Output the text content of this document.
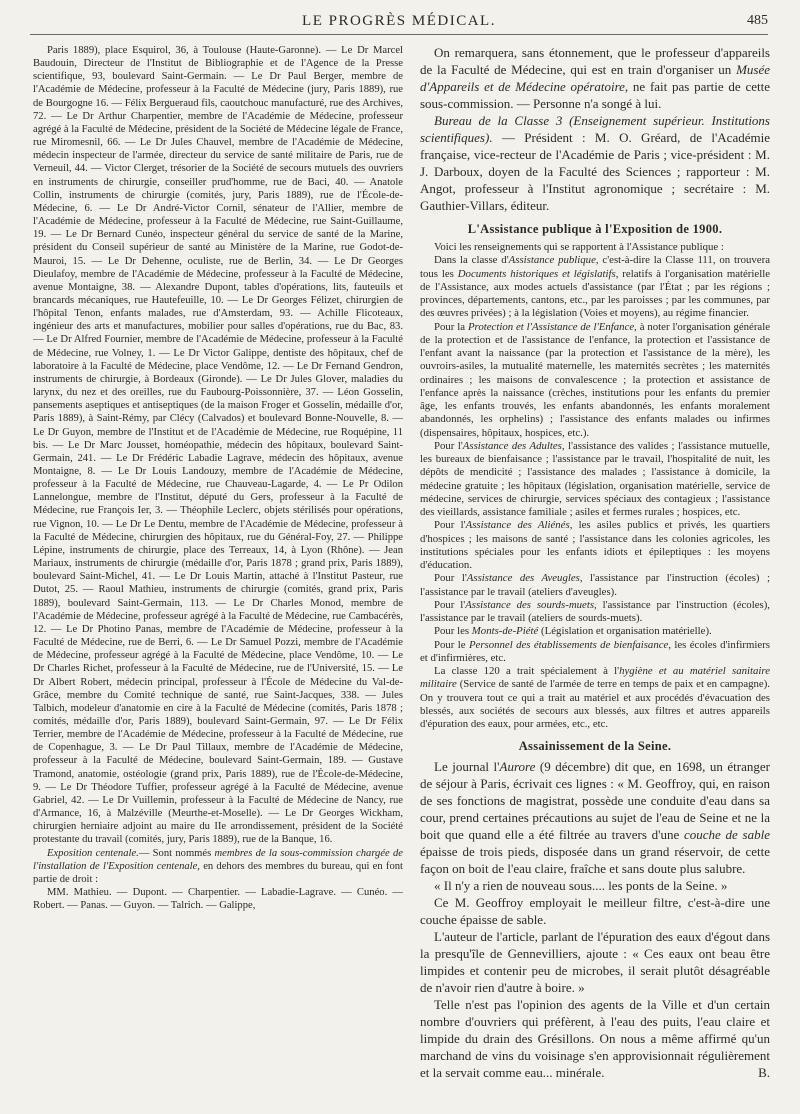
LE PROGRÈS MÉDICAL.	485

Paris 1889), place Esquirol, 36, à Toulouse (Haute-Garonne). — Le Dr Marcel Baudouin, Directeur de l'Institut de Bibliographie et de l'Agence de la Presse scientifique, 93, boulevard Saint-Germain. — Le Dr Paul Berger, membre de l'Académie de Médecine, professeur à la Faculté de Médecine (jury, Paris 1889), rue de Bourgogne 16. — Félix Bergueraud fils, caoutchouc manufacturé, rue des Archives, 72. — Le Dr Arthur Charpentier, membre de l'Académie de Médecine, professeur agrégé à la Faculté de Médecine, président de la Société de Médecine légale de France, rue Miromesnil, 66. — Le Dr Jules Chauvel, membre de l'Académie de Médecine, médecin inspecteur de l'armée, directeur du service de santé militaire de Paris, rue de Verneuil, 44. — Victor Clerget, trésorier de la Société de secours mutuels des ouvriers en instruments de chirurgie, conseiller prud'homme, rue de Baci, 40. — Anatole Collin, instruments de chirurgie (comités, jury, Paris 1889), rue de l'École-de-Médecine, 6. — Le Dr André-Victor Cornil, sénateur de l'Allier, membre de l'Académie de Médecine, professeur à la Faculté de Médecine, rue Saint-Guillaume, 19. — Le Dr Bernard Cunéo, inspecteur général du service de santé de la Marine, président du Conseil supérieur de santé au Ministère de la Marine, rue Godot-de-Mauroi, 15. — Le Dr Dehenne, oculiste, rue de Berlin, 34. — Le Dr Georges Dieulafoy, membre de l'Académie de Médecine, professeur à la Faculté de Médecine, avenue Montaigne, 38. — Alexandre Dupont, tables d'opérations, lits, fauteuils et brancards mécaniques, rue Hautefeuille, 10. — Le Dr Georges Félizet, chirurgien de l'hôpital Tenon, enfants malades, rue d'Amsterdam, 93. — Achille Flicoteaux, ingénieur des arts et manufactures, mobilier pour salles d'opérations, rue du Bac, 83. — Le Dr Alfred Fournier, membre de l'Académie de Médecine, professeur à la Faculté de Médecine, rue Volney, 1. — Le Dr Victor Galippe, dentiste des hôpitaux, chef de laboratoire à la Faculté de Médecine, place Vendôme, 12. — Le Dr Fernand Gendron, instruments de chirurgie, à Bordeaux (Gironde). — Le Dr Jules Glover, maladies du larynx, du nez et des oreilles, rue du Faubourg-Poissonnière, 37. — Léon Gosselin, pansements aseptiques et antiseptiques (de la maison Froger et Gosselin, médaille d'or, Paris 1889), à Saint-Rémy, par Clécy (Calvados) et boulevard Bonne-Nouvelle, 8. — Le Dr Guyon, membre de l'Institut et de l'Académie de Médecine, rue Roquépine, 11 bis. — Le Dr Marc Jousset, homéopathie, médecin des hôpitaux, boulevard Saint-Germain, 241. — Le Dr Frédéric Labadie Lagrave, médecin des hôpitaux, avenue Montaigne, 8. — Le Dr Louis Landouzy, membre de l'Académie de Médecine, professeur à la Faculté de Médecine, rue Chauveau-Lagarde, 4. — Le Pr Odilon Lannelongue, membre de l'Institut, député du Gers, professeur à la Faculté de Médecine, rue François Ier, 3. — Théophile Leclerc, objets stérilisés pour opérations, rue Vignon, 10. — Le Dr Le Dentu, membre de l'Académie de Médecine, professeur à la Faculté de Médecine, chirurgien des hôpitaux, rue du Général-Foy, 27. — Philippe Lépine, instruments de chirurgie, place des Terreaux, 14, à Lyon (Rhône). — Jean Mariaux, instruments de chirurgie (médaille d'or, Paris 1878 ; grand prix, Paris 1889), boulevard Saint-Michel, 41. — Le Dr Louis Martin, attaché à l'Institut Pasteur, rue Dutot, 25. — Raoul Mathieu, instruments de chirurgie (comités, grand prix, Paris 1889), boulevard Saint-Germain, 113. — Le Dr Charles Monod, membre de l'Académie de Médecine, professeur agrégé à la Faculté de Médecine, rue Cambacérès, 12. — Le Dr Photino Panas, membre de l'Académie de Médecine, professeur à la Faculté de Médecine, rue de Berri, 6. — Le Dr Samuel Pozzi, membre de l'Académie de Médecine, professeur agrégé à la Faculté de Médecine, place Vendôme, 10. — Le Dr Charles Richet, professeur à la Faculté de Médecine, rue de l'Université, 15. — Le Dr Albert Robert, médecin principal, professeur à l'École de Médecine du Val-de-Grâce, membre du Comité technique de santé, rue Saint-Jacques, 338. — Jules Talbich, modeleur d'anatomie en cire à la Faculté de Médecine (comités, Paris 1878 ; comités, médaille d'or, Paris 1889), boulevard Saint-Germain, 97. — Le Dr Félix Terrier, membre de l'Académie de Médecine, professeur à la Faculté de Médecine, rue de Copenhague, 3. — Le Dr Paul Tillaux, membre de l'Académie de Médecine, professeur à la Faculté de Médecine, boulevard Saint-Germain, 189. — Gustave Tramond, anatomie, ostéologie (grand prix, Paris 1889), rue de l'École-de-Médecine, 9. — Le Dr Théodore Tuffier, professeur agrégé à la Faculté de Médecine, avenue Gabriel, 42. — Le Dr Vuillemin, professeur à la Faculté de Médecine de Nancy, rue d'Armance, 16, à Malzéville (Meurthe-et-Moselle). — Le Dr Georges Wickham, chirurgien herniaire adjoint au maire du IIe arrondissement, président de la Société protestante du travail (comités, jury, Paris 1889), rue de la Banque, 16.

Exposition centenale.— Sont nommés membres de la sous-commission chargée de l'installation de l'Exposition centenale, en dehors des membres du bureau, qui en font partie de droit :

MM. Mathieu. — Dupont. — Charpentier. — Labadie-Lagrave. — Cunéo. — Robert. — Panas. — Guyon. — Talrich. — Galippe,

On remarquera, sans étonnement, que le professeur d'appareils de la Faculté de Médecine, qui est en train d'organiser un Musée d'Appareils et de Médecine opératoire, ne fait pas partie de cette sous-commission. — Personne n'a songé à lui.

Bureau de la Classe 3 (Enseignement supérieur. Institutions scientifiques). — Président : M. O. Gréard, de l'Académie française, vice-recteur de l'Académie de Paris ; vice-président : M. J. Darboux, doyen de la Faculté des Sciences ; rapporteur : M. Angot, professeur à l'Institut agronomique ; secrétaire : M. Gauthier-Villars, éditeur.

L'Assistance publique à l'Exposition de 1900.

Voici les renseignements qui se rapportent à l'Assistance publique :

Dans la classe d'Assistance publique, c'est-à-dire la Classe 111, on trouvera tous les Documents historiques et législatifs, relatifs à l'organisation matérielle de l'Assistance, aux modes actuels d'assistance (par l'État ; par les régions ; provinces, départements, cantons, etc., par les paroisses ; par les communes, par des œuvres privées) ; à la législation (Voies et moyens), au régime financier.

Pour la Protection et l'Assistance de l'Enfance, à noter l'organisation générale de la protection et de l'assistance de l'enfance, la protection et l'assistance de l'enfant avant la naissance (par la protection et l'assistance de la mère), les ouvroirs-asiles, la mutualité maternelle, les maternités secrètes ; les maternités ordinaires ; les maisons de convalescence ; la protection et assistance de l'enfance après la naissance (crèches, institutions pour les enfants du premier âge, les enfants trouvés, les enfants abandonnés, les enfants moralement abandonnés, les orphelins) ; l'assistance des enfants malades ou infirmes (dispensaires, hôpitaux, hospices, etc.).

Pour l'Assistance des Adultes, l'assistance des valides ; l'assistance mutuelle, les bureaux de bienfaisance ; l'assistance par le travail, l'hospitalité de nuit, les dépôts de mendicité ; l'assistance des malades ; l'assistance à domicile, la médecine gratuite ; les hôpitaux (législation, organisation matérielle, service de médecine, services de chirurgie, services spéciaux des contagieux ; l'assistance des vieillards, assistance familiale ; asiles et fermes rurales ; hospices, etc.

Pour l'Assistance des Aliénés, les asiles publics et privés, les quartiers d'hospices ; les maisons de santé ; l'assistance dans les colonies agricoles, les institutions spéciales pour les enfants idiots et épileptiques : les moyens d'éducation.

Pour l'Assistance des Aveugles, l'assistance par l'instruction (écoles) ; l'assistance par le travail (ateliers d'aveugles).

Pour l'Assistance des sourds-muets, l'assistance par l'instruction (écoles), l'assistance par le travail (ateliers de sourds-muets).

Pour les Monts-de-Piété (Législation et organisation matérielle).

Pour le Personnel des établissements de bienfaisance, les écoles d'infirmiers et d'infirmières, etc.

La classe 120 a trait spécialement à l'hygiène et au matériel sanitaire militaire (Service de santé de l'armée de terre en temps de paix et en campagne). On y trouvera tout ce qui a trait au matériel et aux procédés d'évacuation des blessés, aux sociétés de secours aux blessés, aux filtres et autres appareils d'épuration des eaux, pour armées, etc., etc.

Assainissement de la Seine.

Le journal l'Aurore (9 décembre) dit que, en 1698, un étranger de séjour à Paris, écrivait ces lignes : « M. Geoffroy, qui, en raison de ses fonctions de magistrat, possède une conduite d'eau dans sa cour, prend certaines précautions au sujet de l'eau de Seine et ne la boit que quand elle a été filtrée au travers d'une couche de sable épaisse de trois pieds, disposée dans un grand réservoir, de cette façon on boit de l'eau claire, fraîche et sans doute plus salubre.

« Il n'y a rien de nouveau sous.... les ponts de la Seine. »

Ce M. Geoffroy employait le meilleur filtre, c'est-à-dire une couche épaisse de sable.

L'auteur de l'article, parlant de l'épuration des eaux d'égout dans la presqu'île de Gennevilliers, ajoute : « Ces eaux ont beau être limpides et contenir peu de microbes, il serait plutôt désagréable de n'avoir rien d'autre à boire. »

Telle n'est pas l'opinion des agents de la Ville et d'un certain nombre d'ouvriers qui préfèrent, à l'eau des puits, l'eau claire et limpide du drain des Grésillons. On nous a même affirmé qu'un marchand de vins du voisinage s'en approvisionnait régulièrement et la servait comme eau... minérale.	B.
